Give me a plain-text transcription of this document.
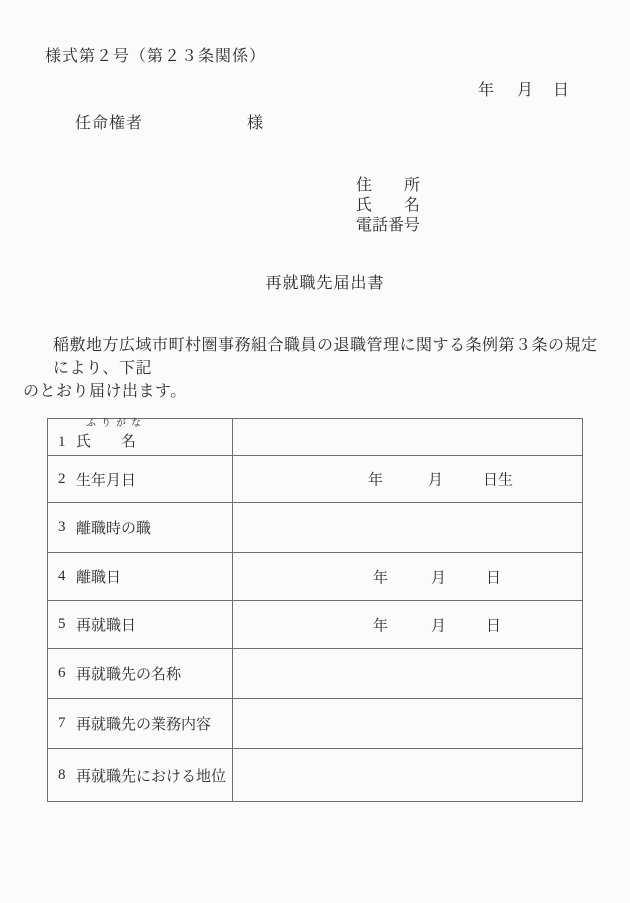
様式第２号（第２３条関係）
年 月 日
任命権者	様
住　　所
氏　　名
電話番号
再就職先届出書
稲敷地方広域市町村圏事務組合職員の退職管理に関する条例第３条の規定により、下記
のとおり届け出ます。
ふりがな
1 氏　　名
2 生年月日	年	月	日生
3 離職時の職
4 離職日	年	月	日
5 再就職日	年	月	日
6 再就職先の名称
7 再就職先の業務内容
8 再就職先における地位
